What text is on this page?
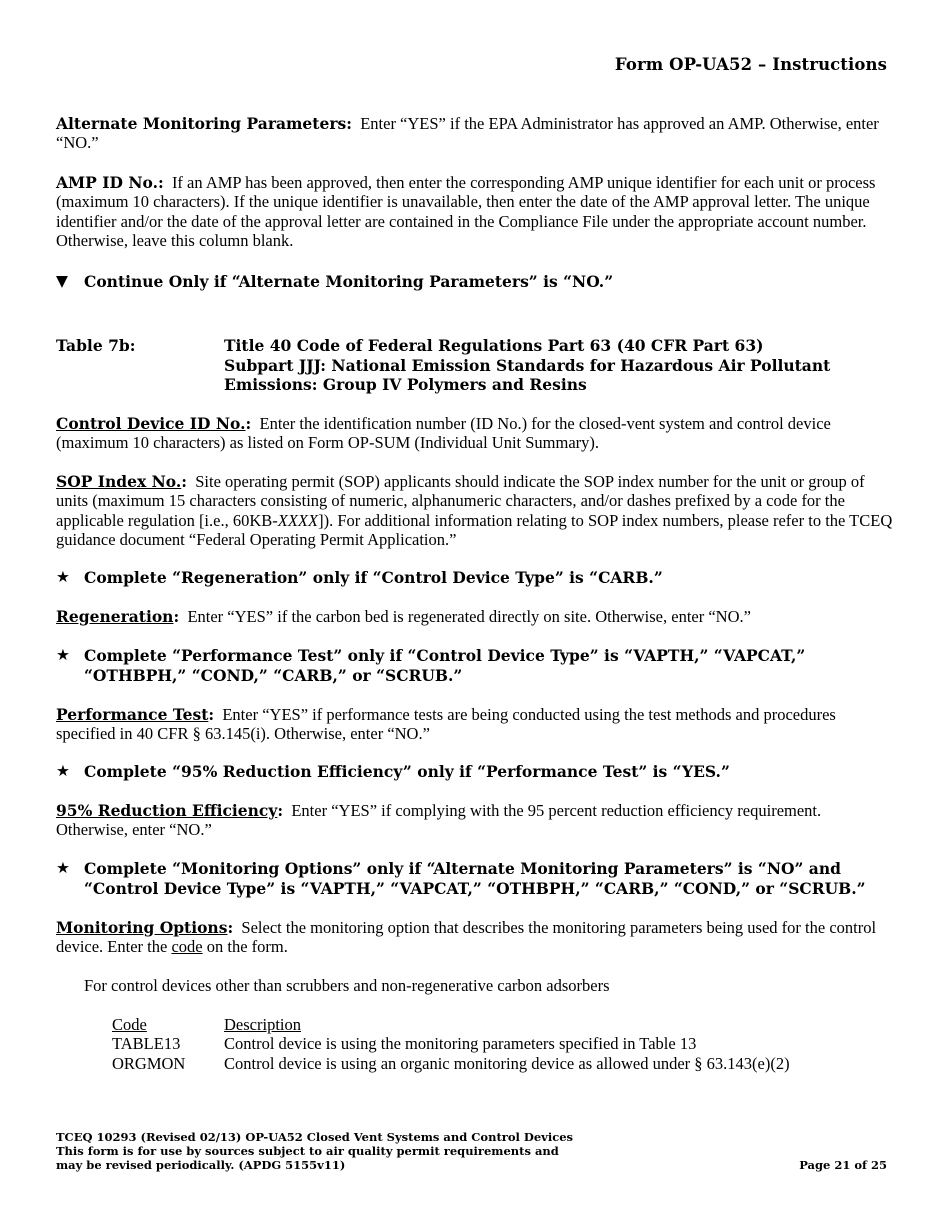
Form OP-UA52 – Instructions
Alternate Monitoring Parameters: Enter “YES” if the EPA Administrator has approved an AMP. Otherwise, enter “NO.”
AMP ID No.: If an AMP has been approved, then enter the corresponding AMP unique identifier for each unit or process (maximum 10 characters). If the unique identifier is unavailable, then enter the date of the AMP approval letter. The unique identifier and/or the date of the approval letter are contained in the Compliance File under the appropriate account number. Otherwise, leave this column blank.
▼ Continue Only if “Alternate Monitoring Parameters” is “NO.”
Table 7b:	Title 40 Code of Federal Regulations Part 63 (40 CFR Part 63)
Subpart JJJ: National Emission Standards for Hazardous Air Pollutant
Emissions: Group IV Polymers and Resins
Control Device ID No.: Enter the identification number (ID No.) for the closed-vent system and control device (maximum 10 characters) as listed on Form OP-SUM (Individual Unit Summary).
SOP Index No.: Site operating permit (SOP) applicants should indicate the SOP index number for the unit or group of units (maximum 15 characters consisting of numeric, alphanumeric characters, and/or dashes prefixed by a code for the applicable regulation [i.e., 60KB-XXXX]). For additional information relating to SOP index numbers, please refer to the TCEQ guidance document “Federal Operating Permit Application.”
★ Complete “Regeneration” only if “Control Device Type” is “CARB.”
Regeneration: Enter “YES” if the carbon bed is regenerated directly on site. Otherwise, enter “NO.”
★ Complete “Performance Test” only if “Control Device Type” is “VAPTH,” “VAPCAT,”
“OTHBPH,” “COND,” “CARB,” or “SCRUB.”
Performance Test: Enter “YES” if performance tests are being conducted using the test methods and procedures specified in 40 CFR § 63.145(i). Otherwise, enter “NO.”
★ Complete “95% Reduction Efficiency” only if “Performance Test” is “YES.”
95% Reduction Efficiency: Enter “YES” if complying with the 95 percent reduction efficiency requirement. Otherwise, enter “NO.”
★ Complete “Monitoring Options” only if “Alternate Monitoring Parameters” is “NO” and
“Control Device Type” is “VAPTH,” “VAPCAT,” “OTHBPH,” “CARB,” “COND,” or “SCRUB.”
Monitoring Options: Select the monitoring option that describes the monitoring parameters being used for the control device. Enter the code on the form.
For control devices other than scrubbers and non-regenerative carbon adsorbers
Code	Description
TABLE13	Control device is using the monitoring parameters specified in Table 13
ORGMON Control device is using an organic monitoring device as allowed under § 63.143(e)(2)
TCEQ 10293 (Revised 02/13) OP-UA52 Closed Vent Systems and Control Devices
This form is for use by sources subject to air quality permit requirements and
may be revised periodically. (APDG 5155v11)	Page 21 of 25
